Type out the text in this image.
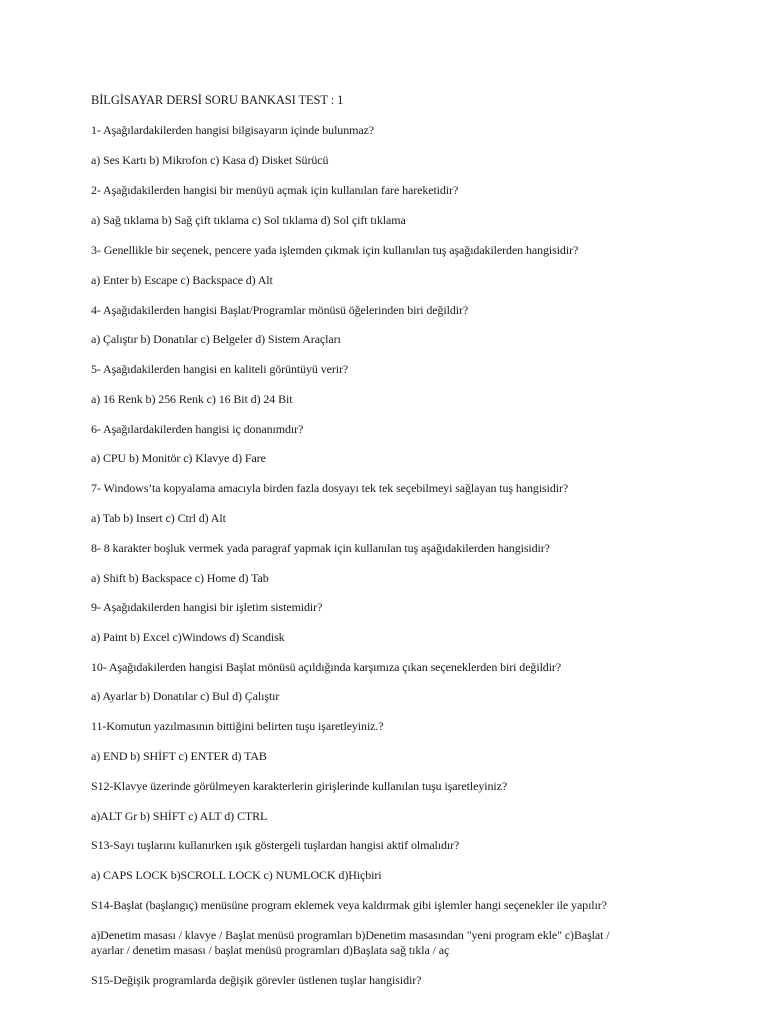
BİLGİSAYAR DERSİ SORU BANKASI TEST : 1
1- Aşağılardakilerden hangisi bilgisayarın içinde bulunmaz?
a) Ses Kartı b) Mikrofon c) Kasa d) Disket Sürücü
2- Aşağıdakilerden hangisi bir menüyü açmak için kullanılan fare hareketidir?
a) Sağ tıklama b) Sağ çift tıklama c) Sol tıklama d) Sol çift tıklama
3- Genellikle bir seçenek, pencere yada işlemden çıkmak için kullanılan tuş aşağıdakilerden hangisidir?
a) Enter b) Escape c) Backspace d) Alt
4- Aşağıdakilerden hangisi Başlat/Programlar mönüsü öğelerinden biri değildir?
a) Çalıştır b) Donatılar c) Belgeler d) Sistem Araçları
5- Aşağıdakilerden hangisi en kaliteli görüntüyü verir?
a) 16 Renk b) 256 Renk c) 16 Bit d) 24 Bit
6- Aşağılardakilerden hangisi iç donanımdır?
a) CPU b) Monitör c) Klavye d) Fare
7- Windows’ta kopyalama amacıyla birden fazla dosyayı tek tek seçebilmeyi sağlayan tuş hangisidir?
a) Tab b) Insert c) Ctrl d) Alt
8- 8 karakter boşluk vermek yada paragraf yapmak için kullanılan tuş aşağıdakilerden hangisidir?
a) Shift b) Backspace c) Home d) Tab
9- Aşağıdakilerden hangisi bir işletim sistemidir?
a) Paint b) Excel c)Windows d) Scandisk
10- Aşağıdakilerden hangisi Başlat mönüsü açıldığında karşımıza çıkan seçeneklerden biri değildir?
a) Ayarlar b) Donatılar c) Bul d) Çalıştır
11-Komutun yazılmasının bittiğini belirten tuşu işaretleyiniz.?
a) END b) SHİFT c) ENTER d) TAB
S12-Klavye üzerinde görülmeyen karakterlerin girişlerinde kullanılan tuşu işaretleyiniz?
a)ALT Gr b) SHİFT c) ALT d) CTRL
S13-Sayı tuşlarını kullanırken ışık göstergeli tuşlardan hangisi aktif olmalıdır?
a) CAPS LOCK b)SCROLL LOCK c) NUMLOCK d)Hiçbiri
S14-Başlat (başlangıç) menüsüne program eklemek veya kaldırmak gibi işlemler hangi seçenekler ile yapılır?
a)Denetim masası / klavye / Başlat menüsü programları b)Denetim masasından "yeni program ekle" c)Başlat /
ayarlar / denetim masası / başlat menüsü programları d)Başlata sağ tıkla / aç
S15-Değişik programlarda değişik görevler üstlenen tuşlar hangisidir?
